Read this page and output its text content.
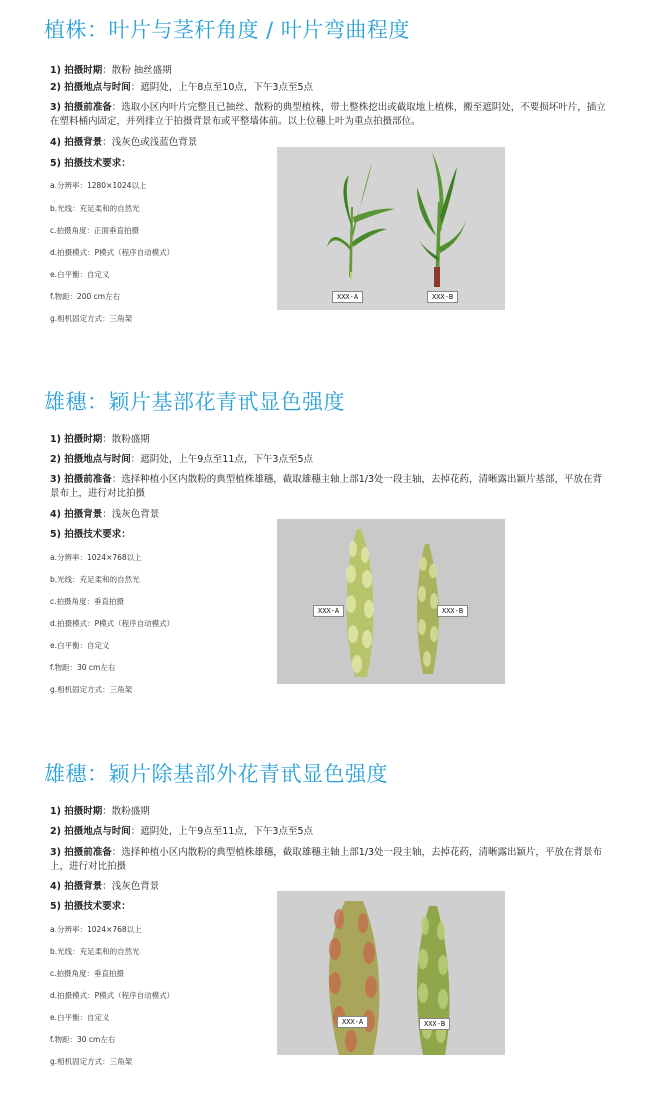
植株：叶片与茎秆角度 / 叶片弯曲程度
1) 拍摄时期：散粉 抽丝盛期
2) 拍摄地点与时间：遮阴处，上午8点至10点，下午3点至5点
3) 拍摄前准备：选取小区内叶片完整且已抽丝、散粉的典型植株，带土整株挖出或截取地上植株，搬至遮阴处，不要损坏叶片，插立在塑料桶内固定，并列排立于拍摄背景布或平整墙体前。以上位穗上叶为重点拍摄部位。
4) 拍摄背景：浅灰色或浅蓝色背景
5) 拍摄技术要求：
a.分辨率：1280×1024以上
b.光线：充足柔和的自然光
c.拍摄角度：正面垂直拍摄
d.拍摄模式：P模式（程序自动模式）
e.白平衡：自定义
f.物距：200 cm左右
g.相机固定方式：三角架
XXX-A	XXX-B
雄穗：颖片基部花青甙显色强度
1) 拍摄时期：散粉盛期
2) 拍摄地点与时间：遮阴处，上午9点至11点，下午3点至5点
3) 拍摄前准备：选择种植小区内散粉的典型植株雄穗，截取雄穗主轴上部1/3处一段主轴，去掉花药，清晰露出颖片基部，平放在背景布上，进行对比拍摄
4) 拍摄背景：浅灰色背景
5) 拍摄技术要求：
a.分辨率：1024×768以上
b.光线：充足柔和的自然光
c.拍摄角度：垂直拍摄
d.拍摄模式：P模式（程序自动模式）
e.白平衡：自定义
f.物距：30 cm左右
g.相机固定方式：三角架
XXX-A	XXX-B
雄穗：颖片除基部外花青甙显色强度
1) 拍摄时期：散粉盛期
2) 拍摄地点与时间：遮阴处，上午9点至11点，下午3点至5点
3) 拍摄前准备：选择种植小区内散粉的典型植株雄穗，截取雄穗主轴上部1/3处一段主轴，去掉花药，清晰露出颖片，平放在背景布上，进行对比拍摄
4) 拍摄背景：浅灰色背景
5) 拍摄技术要求：
a.分辨率：1024×768以上
b.光线：充足柔和的自然光
c.拍摄角度：垂直拍摄
d.拍摄模式：P模式（程序自动模式）
e.白平衡：自定义
f.物距：30 cm左右
g.相机固定方式：三角架
XXX-A	XXX-B
